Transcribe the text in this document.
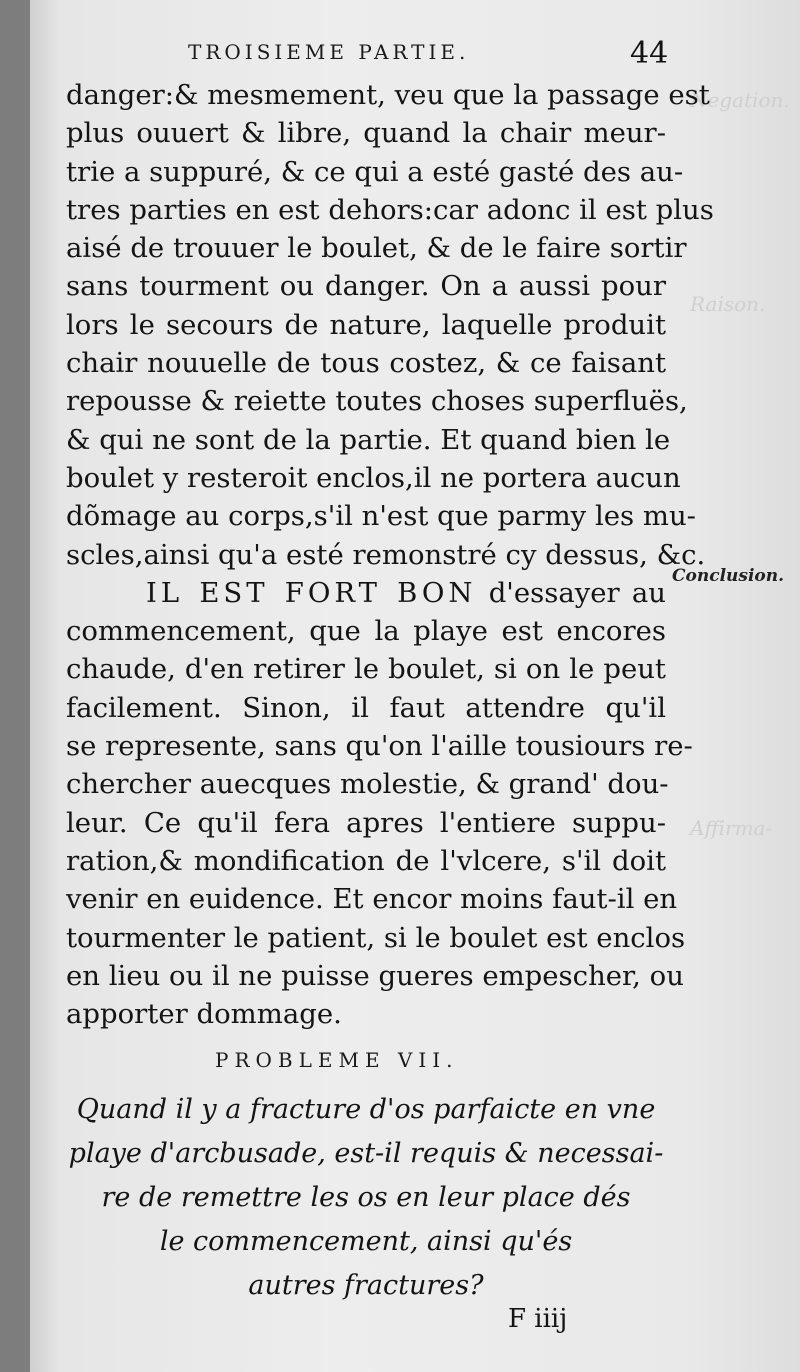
Negation.
Raison.
Affirma-
TROISIEME PARTIE.	44
danger:& mesmement, veu que la passage est
plus ouuert & libre, quand la chair meur-
trie a suppuré, & ce qui a esté gasté des au-
tres parties en est dehors:car adonc il est plus
aisé de trouuer le boulet, & de le faire sortir
sans tourment ou danger. On a aussi pour
lors le secours de nature, laquelle produit
chair nouuelle de tous costez, & ce faisant
repousse & reiette toutes choses superfluës,
& qui ne sont de la partie. Et quand bien le
boulet y resteroit enclos,il ne portera aucun
dõmage au corps,s'il n'est que parmy les mu-
scles,ainsi qu'a esté remonstré cy dessus, &c.
IL EST FORT BON d'essayer au
commencement, que la playe est encores
chaude, d'en retirer le boulet, si on le peut
facilement. Sinon, il faut attendre qu'il
se represente, sans qu'on l'aille tousiours re-
chercher auecques molestie, & grand' dou-
leur. Ce qu'il fera apres l'entiere suppu-
ration,& mondification de l'vlcere, s'il doit
venir en euidence. Et encor moins faut-il en
tourmenter le patient, si le boulet est enclos
en lieu ou il ne puisse gueres empescher, ou
apporter dommage.
Conclusion.
PROBLEME VII.
Quand il y a fracture d'os parfaicte en vne
playe d'arcbusade, est-il requis & necessai-
re de remettre les os en leur place dés
le commencement, ainsi qu'és
autres fractures?
F iiij
